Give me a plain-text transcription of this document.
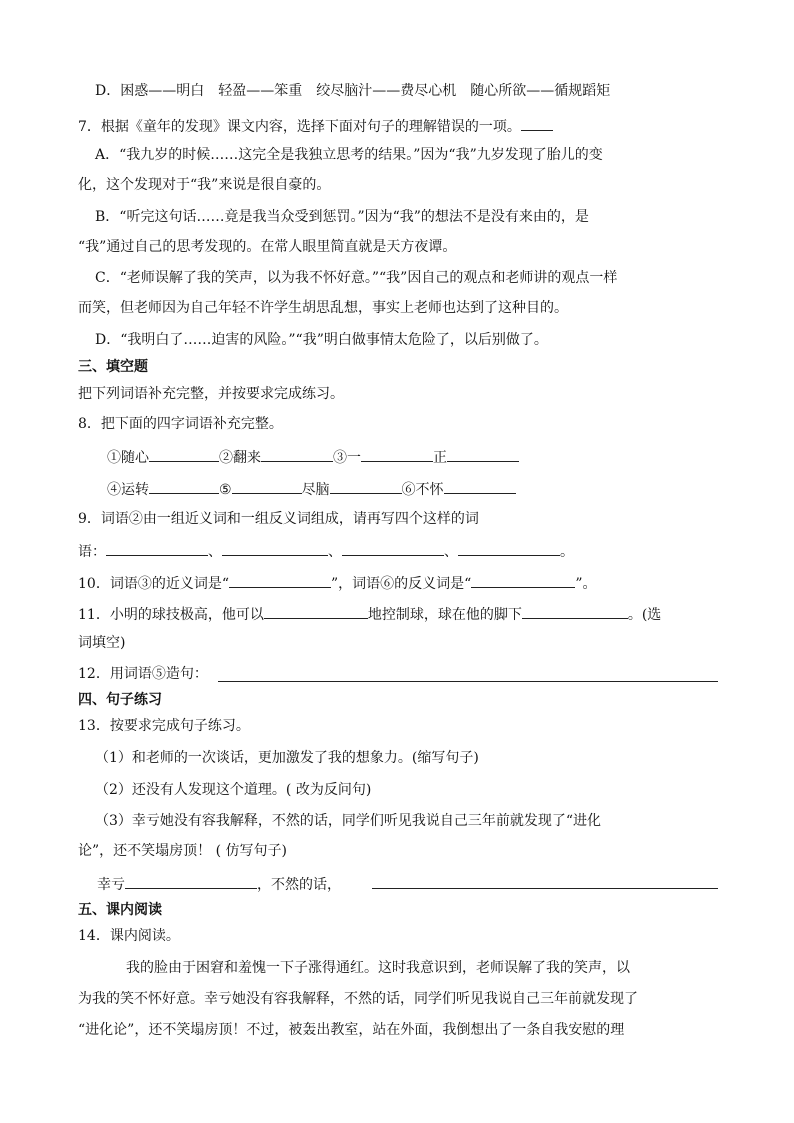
D．困惑——明白　轻盈——笨重　绞尽脑汁——费尽心机　随心所欲——循规蹈矩
7．根据《童年的发现》课文内容，选择下面对句子的理解错误的一项。
A．“我九岁的时候……这完全是我独立思考的结果。”因为“我”九岁发现了胎儿的变
化，这个发现对于“我”来说是很自豪的。
B．“听完这句话……竟是我当众受到惩罚。”因为“我”的想法不是没有来由的，是
“我”通过自己的思考发现的。在常人眼里简直就是天方夜谭。
C．“老师误解了我的笑声，以为我不怀好意。”“我”因自己的观点和老师讲的观点一样
而笑，但老师因为自己年轻不许学生胡思乱想，事实上老师也达到了这种目的。
D．“我明白了……迫害的风险。”“我”明白做事情太危险了，以后别做了。
三、填空题
把下列词语补充完整，并按要求完成练习。
8．把下面的四字词语补充完整。
①随心	②翻来	③一	正
④运转	⑤	尽脑	⑥不怀
9．词语②由一组近义词和一组反义词组成，请再写四个这样的词
语：	、	、	、	。
10．词语③的近义词是“	”，词语⑥的反义词是“	”。
11．小明的球技极高，他可以	地控制球，球在他的脚下	。(选
词填空)
12．用词语⑤造句：
四、句子练习
13．按要求完成句子练习。
（1）和老师的一次谈话，更加激发了我的想象力。(缩写句子)
（2）还没有人发现这个道理。( 改为反问句)
（3）幸亏她没有容我解释，不然的话，同学们听见我说自己三年前就发现了“进化
论”，还不笑塌房顶！ ( 仿写句子)
幸亏	，不然的话，
五、课内阅读
14．课内阅读。
我的脸由于困窘和羞愧一下子涨得通红。这时我意识到，老师误解了我的笑声，以
为我的笑不怀好意。幸亏她没有容我解释，不然的话，同学们听见我说自己三年前就发现了
“进化论”，还不笑塌房顶！不过，被轰出教室，站在外面，我倒想出了一条自我安慰的理
